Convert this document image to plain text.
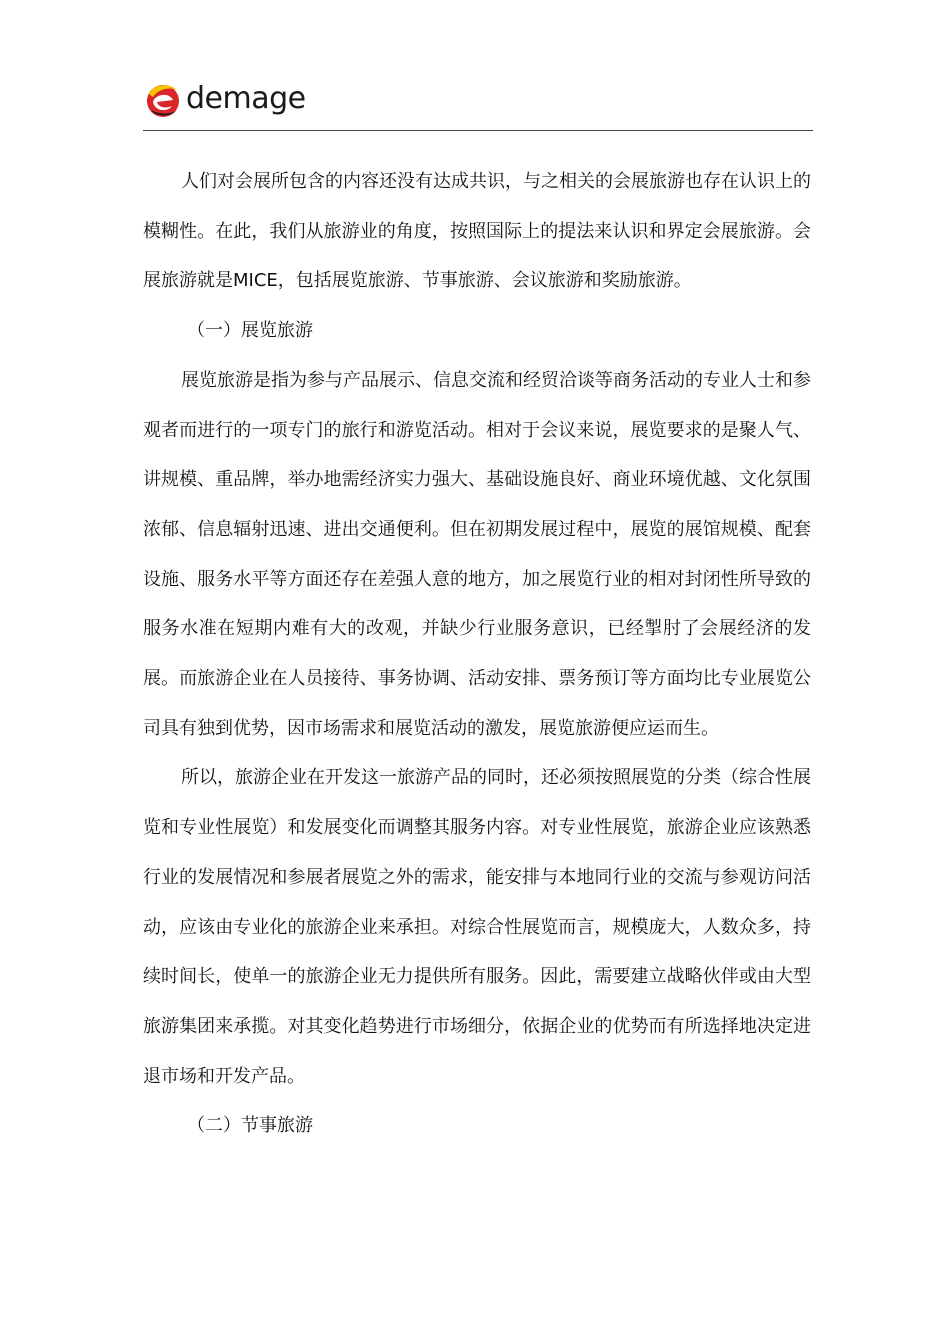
demage

人们对会展所包含的内容还没有达成共识，与之相关的会展旅游也存在认识上的模糊性。在此，我们从旅游业的角度，按照国际上的提法来认识和界定会展旅游。会展旅游就是MICE，包括展览旅游、节事旅游、会议旅游和奖励旅游。

（一）展览旅游

展览旅游是指为参与产品展示、信息交流和经贸洽谈等商务活动的专业人士和参观者而进行的一项专门的旅行和游览活动。相对于会议来说，展览要求的是聚人气、讲规模、重品牌，举办地需经济实力强大、基础设施良好、商业环境优越、文化氛围浓郁、信息辐射迅速、进出交通便利。但在初期发展过程中，展览的展馆规模、配套设施、服务水平等方面还存在差强人意的地方，加之展览行业的相对封闭性所导致的服务水准在短期内难有大的改观，并缺少行业服务意识，已经掣肘了会展经济的发展。而旅游企业在人员接待、事务协调、活动安排、票务预订等方面均比专业展览公司具有独到优势，因市场需求和展览活动的激发，展览旅游便应运而生。

所以，旅游企业在开发这一旅游产品的同时，还必须按照展览的分类（综合性展览和专业性展览）和发展变化而调整其服务内容。对专业性展览，旅游企业应该熟悉行业的发展情况和参展者展览之外的需求，能安排与本地同行业的交流与参观访问活动，应该由专业化的旅游企业来承担。对综合性展览而言，规模庞大，人数众多，持续时间长，使单一的旅游企业无力提供所有服务。因此，需要建立战略伙伴或由大型旅游集团来承揽。对其变化趋势进行市场细分，依据企业的优势而有所选择地决定进退市场和开发产品。

（二）节事旅游
